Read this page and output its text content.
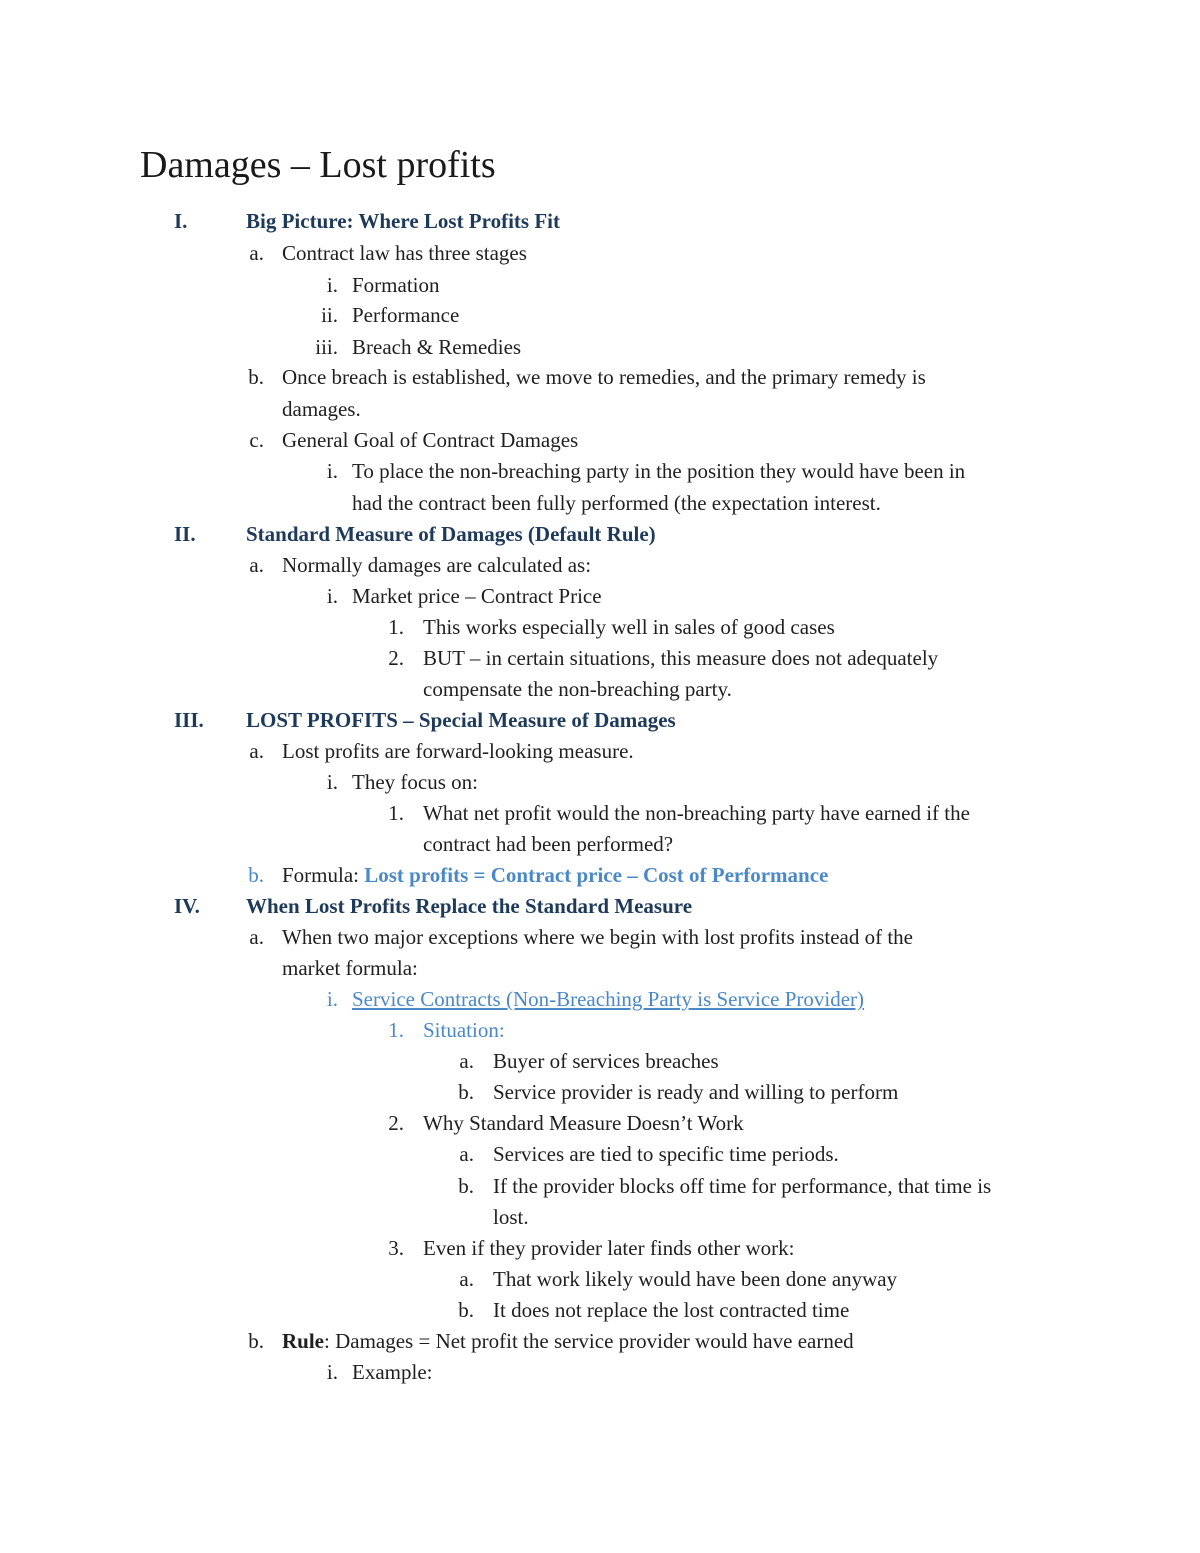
Damages – Lost profits
I.	Big Picture: Where Lost Profits Fit
a. Contract law has three stages
i. Formation
ii. Performance
iii. Breach & Remedies
b. Once breach is established, we move to remedies, and the primary remedy is
damages.
c. General Goal of Contract Damages
i. To place the non-breaching party in the position they would have been in
had the contract been fully performed (the expectation interest.
II. Standard Measure of Damages (Default Rule)
a. Normally damages are calculated as:
i. Market price – Contract Price
1. This works especially well in sales of good cases
2. BUT – in certain situations, this measure does not adequately
compensate the non-breaching party.
III. LOST PROFITS – Special Measure of Damages
a. Lost profits are forward-looking measure.
i. They focus on:
1. What net profit would the non-breaching party have earned if the
contract had been performed?
b. Formula: Lost profits = Contract price – Cost of Performance
IV. When Lost Profits Replace the Standard Measure
a. When two major exceptions where we begin with lost profits instead of the
market formula:
i. Service Contracts (Non-Breaching Party is Service Provider)
1. Situation:
a. Buyer of services breaches
b. Service provider is ready and willing to perform
2. Why Standard Measure Doesn’t Work
a. Services are tied to specific time periods.
b. If the provider blocks off time for performance, that time is
lost.
3. Even if they provider later finds other work:
a. That work likely would have been done anyway
b. It does not replace the lost contracted time
b. Rule: Damages = Net profit the service provider would have earned
i. Example:
